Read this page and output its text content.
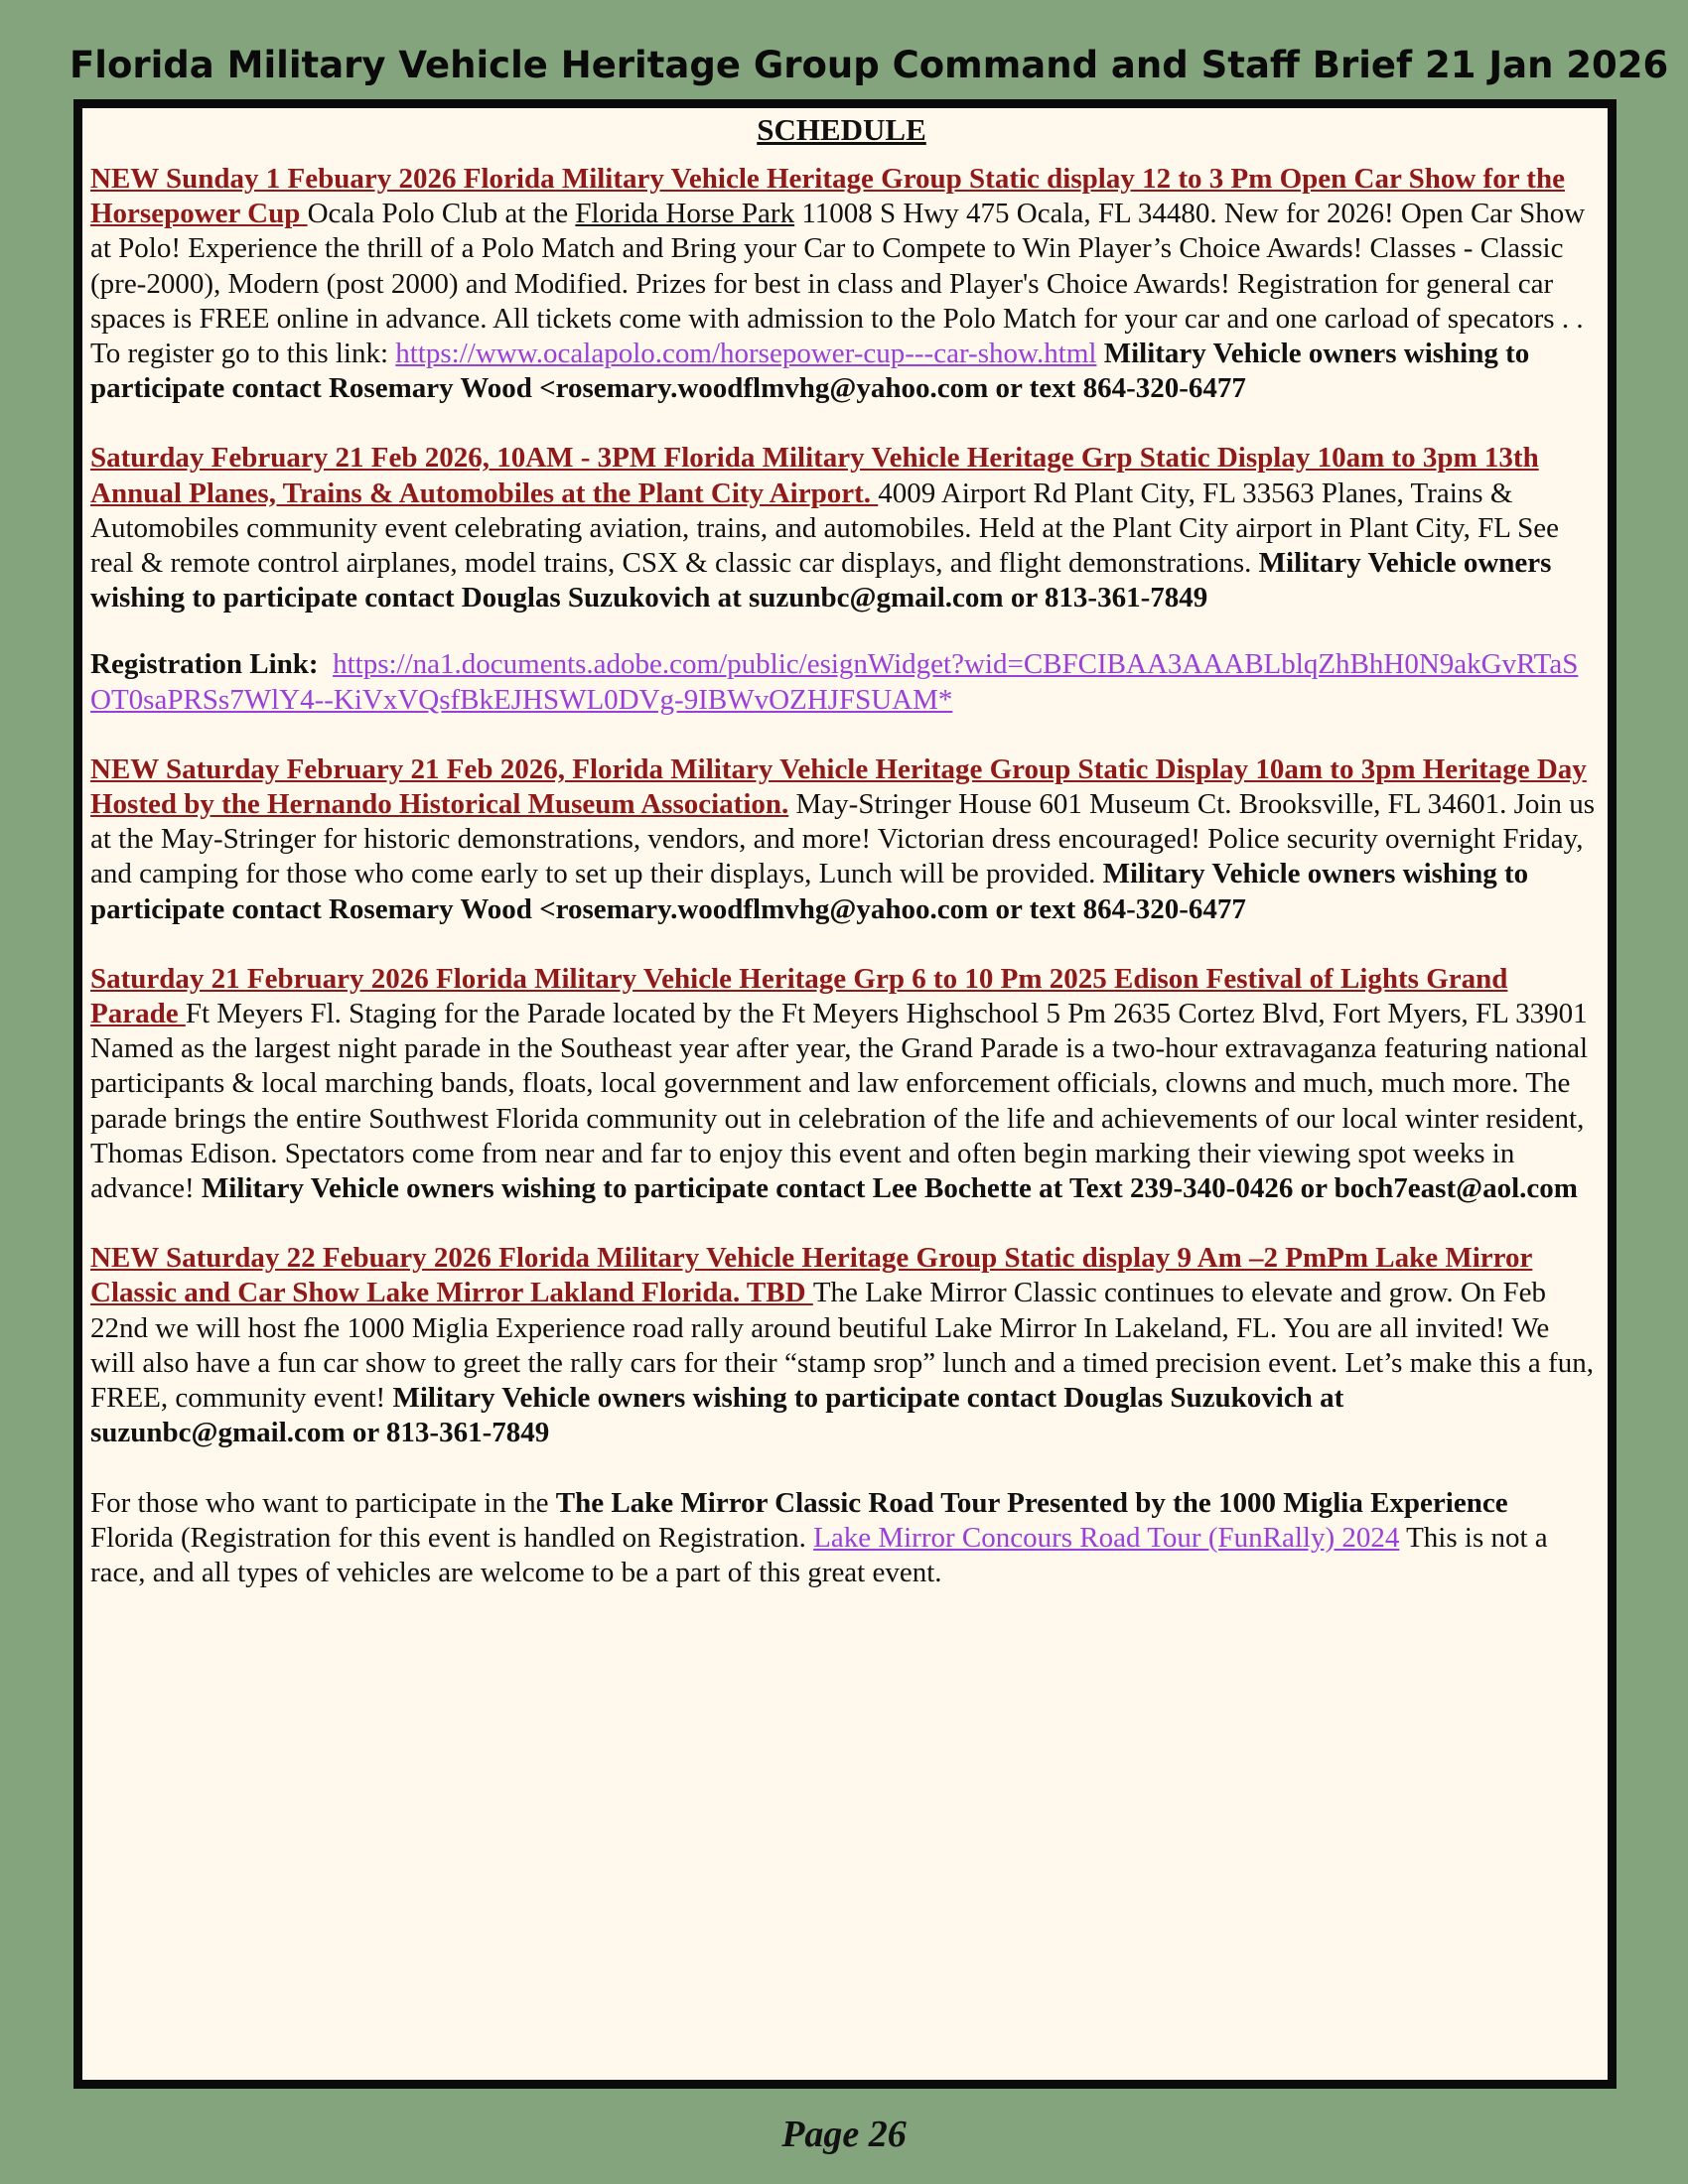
Florida Military Vehicle Heritage Group Command and Staff Brief 21 Jan 2026
SCHEDULE
NEW Sunday 1 Febuary 2026 Florida Military Vehicle Heritage Group Static display 12 to 3 Pm Open Car Show for the Horsepower Cup Ocala Polo Club at the Florida Horse Park 11008 S Hwy 475 Ocala, FL 34480. New for 2026! Open Car Show at Polo! Experience the thrill of a Polo Match and Bring your Car to Compete to Win Player’s Choice Awards! Classes - Classic (pre-2000), Modern (post 2000) and Modified. Prizes for best in class and Player's Choice Awards! Registration for general car spaces is FREE online in advance. All tickets come with admission to the Polo Match for your car and one carload of specators . . To register go to this link: https://www.ocalapolo.com/horsepower-cup---car-show.html Military Vehicle owners wishing to participate contact Rosemary Wood <rosemary.woodflmvhg@yahoo.com or text 864-320-6477
Saturday February 21 Feb 2026, 10AM - 3PM Florida Military Vehicle Heritage Grp Static Display 10am to 3pm 13th Annual Planes, Trains & Automobiles at the Plant City Airport. 4009 Airport Rd Plant City, FL 33563 Planes, Trains & Automobiles community event celebrating aviation, trains, and automobiles. Held at the Plant City airport in Plant City, FL See real & remote control airplanes, model trains, CSX & classic car displays, and flight demonstrations. Military Vehicle owners wishing to participate contact Douglas Suzukovich at suzunbc@gmail.com or 813-361-7849
Registration Link: https://na1.documents.adobe.com/public/esignWidget?wid=CBFCIBAA3AAABLblqZhBhH0N9akGvRTaSOT0saPRSs7WlY4--KiVxVQsfBkEJHSWL0DVg-9IBWvOZHJFSUAM*
NEW Saturday February 21 Feb 2026, Florida Military Vehicle Heritage Group Static Display 10am to 3pm Heritage Day Hosted by the Hernando Historical Museum Association. May-Stringer House 601 Museum Ct. Brooksville, FL 34601. Join us at the May-Stringer for historic demonstrations, vendors, and more! Victorian dress encouraged! Police security overnight Friday, and camping for those who come early to set up their displays, Lunch will be provided. Military Vehicle owners wishing to participate contact Rosemary Wood <rosemary.woodflmvhg@yahoo.com or text 864-320-6477
Saturday 21 February 2026 Florida Military Vehicle Heritage Grp 6 to 10 Pm 2025 Edison Festival of Lights Grand Parade Ft Meyers Fl. Staging for the Parade located by the Ft Meyers Highschool 5 Pm 2635 Cortez Blvd, Fort Myers, FL 33901 Named as the largest night parade in the Southeast year after year, the Grand Parade is a two-hour extravaganza featuring national participants & local marching bands, floats, local government and law enforcement officials, clowns and much, much more. The parade brings the entire Southwest Florida community out in celebration of the life and achievements of our local winter resident, Thomas Edison. Spectators come from near and far to enjoy this event and often begin marking their viewing spot weeks in advance! Military Vehicle owners wishing to participate contact Lee Bochette at Text 239-340-0426 or boch7east@aol.com
NEW Saturday 22 Febuary 2026 Florida Military Vehicle Heritage Group Static display 9 Am –2 PmPm Lake Mirror Classic and Car Show Lake Mirror Lakland Florida. TBD The Lake Mirror Classic continues to elevate and grow. On Feb 22nd we will host fhe 1000 Miglia Experience road rally around beutiful Lake Mirror In Lakeland, FL. You are all invited! We will also have a fun car show to greet the rally cars for their “stamp srop” lunch and a timed precision event. Let’s make this a fun, FREE, community event! Military Vehicle owners wishing to participate contact Douglas Suzukovich at suzunbc@gmail.com or 813-361-7849
For those who want to participate in the The Lake Mirror Classic Road Tour Presented by the 1000 Miglia Experience Florida (Registration for this event is handled on Registration. Lake Mirror Concours Road Tour (FunRally) 2024 This is not a race, and all types of vehicles are welcome to be a part of this great event.
Page 26
